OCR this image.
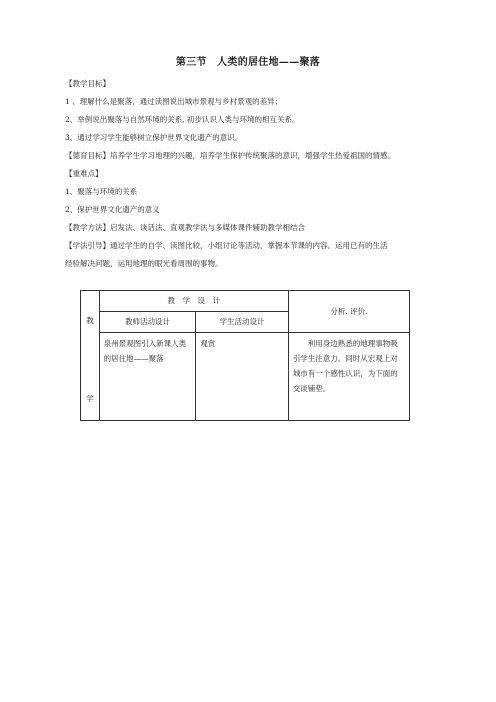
第三节　人类的居住地——聚落
【教学目标】
1 、理解什么是聚落，通过读图说出城市景观与乡村景观的差异；
2、举例说出聚落与自然环境的关系, 初步认识人类与环境的相互关系。
3、通过学习学生能够树立保护世界文化遗产的意识。
【德育目标】培养学生学习地理的兴趣，培养学生保护传统聚落的意识，增强学生热爱祖国的情感。
【重难点】
1、聚落与环境的关系
2、保护世界文化遗产的意义
【教学方法】启发法、谈话法、直观教学法与多媒体课件辅助教学相结合
【学法引导】通过学生的自学、读图比较，小组讨论等活动，掌握本节课的内容。运用已有的生活
经验解决问题，运用地理的眼光看周围的事物。
教
学	教　学　设　计		分析. 评价.
	教师活动设计	学生活动设计	
	泉州景观图引入新课人类的居住地——聚落	观赏	　　利用身边熟悉的地理事物吸引学生注意力。同时从宏观上对城市有一个感性认识，为下面的交谈铺垫。
